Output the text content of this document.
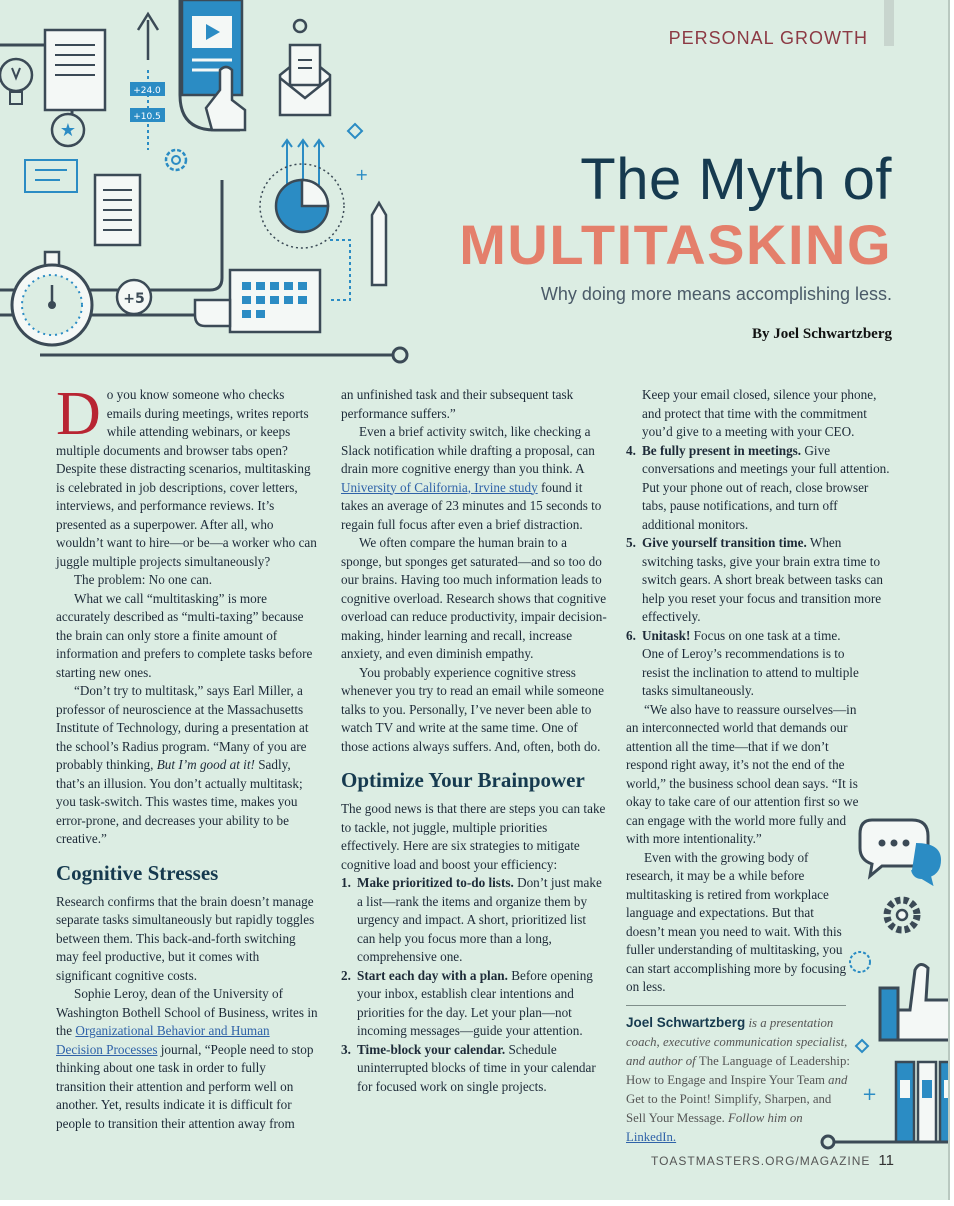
★
+24.0
+10.5
+
+5
PERSONAL GROWTH
The Myth of
MULTITASKING
Why doing more means accomplishing less.
By Joel Schwartzberg

Do you know someone who checks emails during meetings, writes reports while attending webinars, or keeps multiple documents and browser tabs open? Despite these distracting scenarios, multitasking is celebrated in job descriptions, cover letters, interviews, and performance reviews. It’s presented as a superpower. After all, who wouldn’t want to hire—or be—a worker who can juggle multiple projects simultaneously?

The problem: No one can.

What we call “multitasking” is more accurately described as “multi-taxing” because the brain can only store a finite amount of information and prefers to complete tasks before starting new ones.

“Don’t try to multitask,” says Earl Miller, a professor of neuroscience at the Massachusetts Institute of Technology, during a presentation at the school’s Radius program. “Many of you are probably thinking, But I’m good at it! Sadly, that’s an illusion. You don’t actually multitask; you task-switch. This wastes time, makes you error-prone, and decreases your ability to be creative.”

Cognitive Stresses

Research confirms that the brain doesn’t manage separate tasks simultaneously but rapidly toggles between them. This back-and-forth switching may feel productive, but it comes with significant cognitive costs.

Sophie Leroy, dean of the University of Washington Bothell School of Business, writes in the Organizational Behavior and Human Decision Processes journal, “People need to stop thinking about one task in order to fully transition their attention and perform well on another. Yet, results indicate it is difficult for people to transition their attention away from

an unfinished task and their subsequent task performance suffers.”

Even a brief activity switch, like checking a Slack notification while drafting a proposal, can drain more cognitive energy than you think. A University of California, Irvine study found it takes an average of 23 minutes and 15 seconds to regain full focus after even a brief distraction.

We often compare the human brain to a sponge, but sponges get saturated—and so too do our brains. Having too much information leads to cognitive overload. Research shows that cognitive overload can reduce productivity, impair decision-making, hinder learning and recall, increase anxiety, and even diminish empathy.

You probably experience cognitive stress whenever you try to read an email while someone talks to you. Personally, I’ve never been able to watch TV and write at the same time. One of those actions always suffers. And, often, both do.

Optimize Your Brainpower

The good news is that there are steps you can take to tackle, not juggle, multiple priorities effectively. Here are six strategies to mitigate cognitive load and boost your efficiency:

1. Make prioritized to-do lists. Don’t just make a list—rank the items and organize them by urgency and impact. A short, prioritized list can help you focus more than a long, comprehensive one.
2. Start each day with a plan. Before opening your inbox, establish clear intentions and priorities for the day. Let your plan—not incoming messages—guide your attention.
3. Time-block your calendar. Schedule uninterrupted blocks of time in your calendar for focused work on single projects.

Keep your email closed, silence your phone, and protect that time with the commitment you’d give to a meeting with your CEO.

4. Be fully present in meetings. Give conversations and meetings your full attention. Put your phone out of reach, close browser tabs, pause notifications, and turn off additional monitors.
5. Give yourself transition time. When switching tasks, give your brain extra time to switch gears. A short break between tasks can help you reset your focus and transition more effectively.
6. Unitask! Focus on one task at a time.

One of Leroy’s recommendations is to resist the inclination to attend to multiple tasks simultaneously.

“We also have to reassure ourselves—in an interconnected world that demands our attention all the time—that if we don’t respond right away, it’s not the end of the world,” the business school dean says. “It is okay to take care of our attention first so we can engage with the world more fully and with more intentionality.”

Even with the growing body of research, it may be a while before multitasking is retired from workplace language and expectations. But that doesn’t mean you need to wait. With this fuller understanding of multitasking, you can start accomplishing more by focusing on less.

Joel Schwartzberg is a presentation coach, executive communication specialist, and author of The Language of Leadership: How to Engage and Inspire Your Team and Get to the Point! Simplify, Sharpen, and Sell Your Message. Follow him on LinkedIn.
+
TOASTMASTERS.ORG/MAGAZINE 11
